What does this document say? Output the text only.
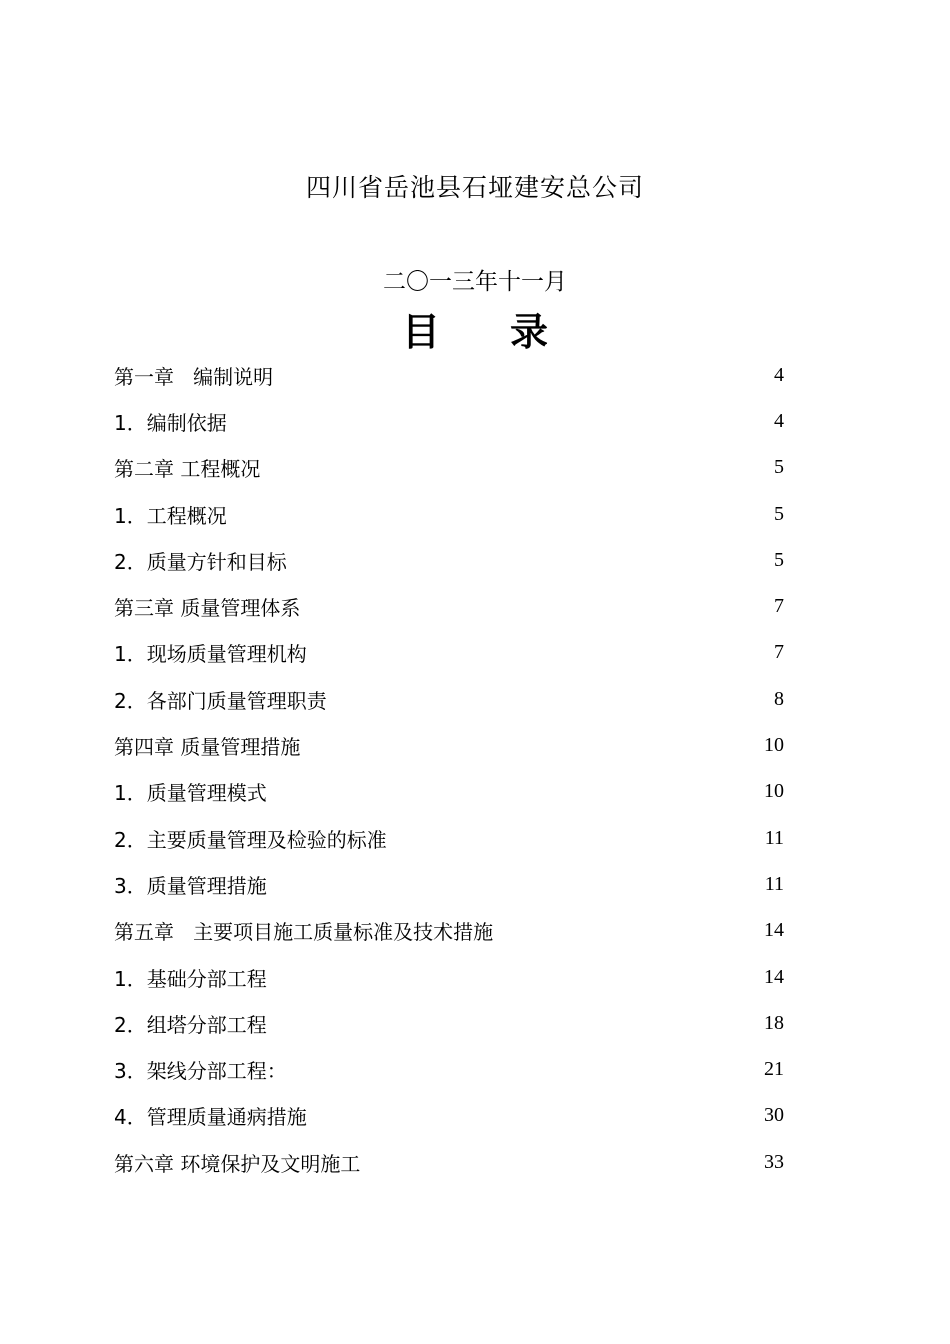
四川省岳池县石垭建安总公司
二〇一三年十一月
目 录
第一章   编制说明	4
1．编制依据	4
第二章 工程概况	5
1．工程概况	5
2．质量方针和目标	5
第三章 质量管理体系	7
1．现场质量管理机构	7
2．各部门质量管理职责	8
第四章 质量管理措施	10
1．质量管理模式	10
2．主要质量管理及检验的标准	11
3．质量管理措施	11
第五章   主要项目施工质量标准及技术措施	14
1．基础分部工程	14
2．组塔分部工程	18
3．架线分部工程：	21
4．管理质量通病措施	30
第六章 环境保护及文明施工	33
